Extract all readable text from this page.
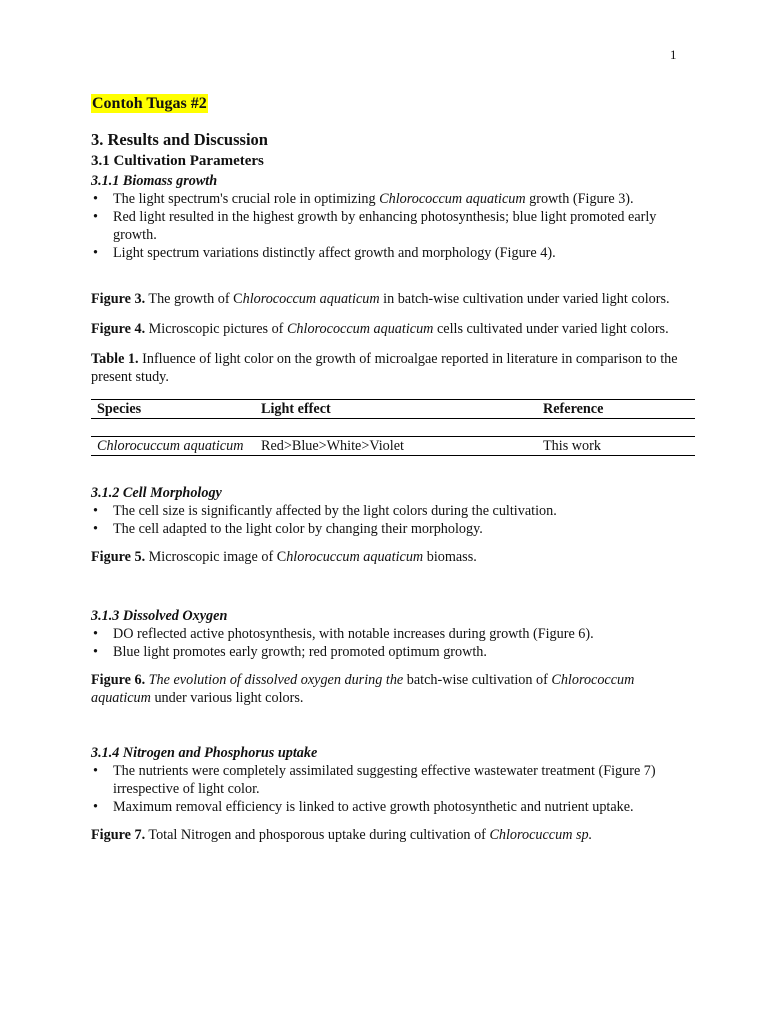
1
Contoh Tugas #2
3. Results and Discussion
3.1 Cultivation Parameters
3.1.1 Biomass growth
• The light spectrum's crucial role in optimizing Chlorococcum aquaticum growth (Figure 3).
• Red light resulted in the highest growth by enhancing photosynthesis; blue light promoted early growth.
• Light spectrum variations distinctly affect growth and morphology (Figure 4).

Figure 3. The growth of Chlorococcum aquaticum in batch-wise cultivation under varied light colors.

Figure 4. Microscopic pictures of Chlorococcum aquaticum cells cultivated under varied light colors.

Table 1. Influence of light color on the growth of microalgae reported in literature in comparison to the present study.

Species	Light effect	Reference

Chlorocuccum aquaticum	Red>Blue>White>Violet	This work
3.1.2 Cell Morphology
• The cell size is significantly affected by the light colors during the cultivation.
• The cell adapted to the light color by changing their morphology.

Figure 5. Microscopic image of Chlorocuccum aquaticum biomass.

3.1.3 Dissolved Oxygen
• DO reflected active photosynthesis, with notable increases during growth (Figure 6).
• Blue light promotes early growth; red promoted optimum growth.

Figure 6. The evolution of dissolved oxygen during the batch-wise cultivation of Chlorococcum aquaticum under various light colors.

3.1.4 Nitrogen and Phosphorus uptake
• The nutrients were completely assimilated suggesting effective wastewater treatment (Figure 7) irrespective of light color.
• Maximum removal efficiency is linked to active growth photosynthetic and nutrient uptake.

Figure 7. Total Nitrogen and phosporous uptake during cultivation of Chlorocuccum sp.
